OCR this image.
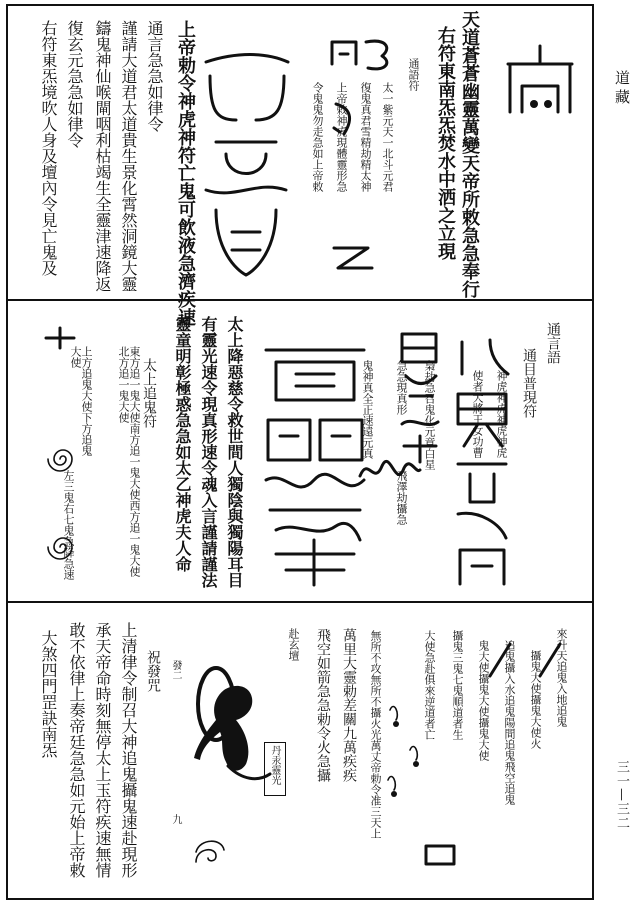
道藏
三一—三二
天道蒼蒼幽靈萬變天帝所敕急急奉行
右符東南炁炁焚水中洒之立現
通語符
太一紫元天一北斗元君
復鬼真君雪精劫精太神
上帝敕神虎現體靈形急
令鬼鬼勿走急如上帝敕
上帝勅令神虎神符亡鬼可飲液急濟疾速
通言急急如律令
謹請大道君太道貴生景化霄然洞鏡大靈
鑄鬼神仙喉閘咽利枯竭生全靈津速降返
復玄元急急如律令
右符東炁境吹人身及壇內令見亡鬼及
通言語
通目普現符
神虎神虎神虎神虎
使者大將王女功曹
梟劫急召鬼化元章白星
急急現真形
飛澤劫攝急
鬼神真全正速遠元真
太上降惡慈令救世間人獨陰與獨陽耳目
有靈光速令現真形速令魂入言謹請謹法
靈童明彰極惑急急如太乙神虎夫人命
太上追鬼符
東方追一鬼大使南方追一鬼大使西方追一鬼大使北方追一鬼大使
上方追鬼大使下方追鬼大使
左三鬼右七鬼急降急速
來升天追鬼入地追鬼
攝鬼大使攝鬼大使火
追鬼攝入水追鬼陽間追鬼飛空追鬼
鬼大使攝鬼大使攝鬼大使
攝鬼三鬼七鬼順道者生
大使急赴俱來逆道者亡
無所不攻無所不攝火光萬丈帝勅令准三天上
萬里大靈勅差關九萬疾疾
飛空如箭急急勅令火急攝
赴玄壇
祝發咒
上清律令制召大神追鬼攝鬼速赴現形
承天帝命時刻無停太上玉符疾速無情
敢不依律上奏帝廷急急如元始上帝敕
大煞四門罡訣南炁	發二
九
丹汞靈光
